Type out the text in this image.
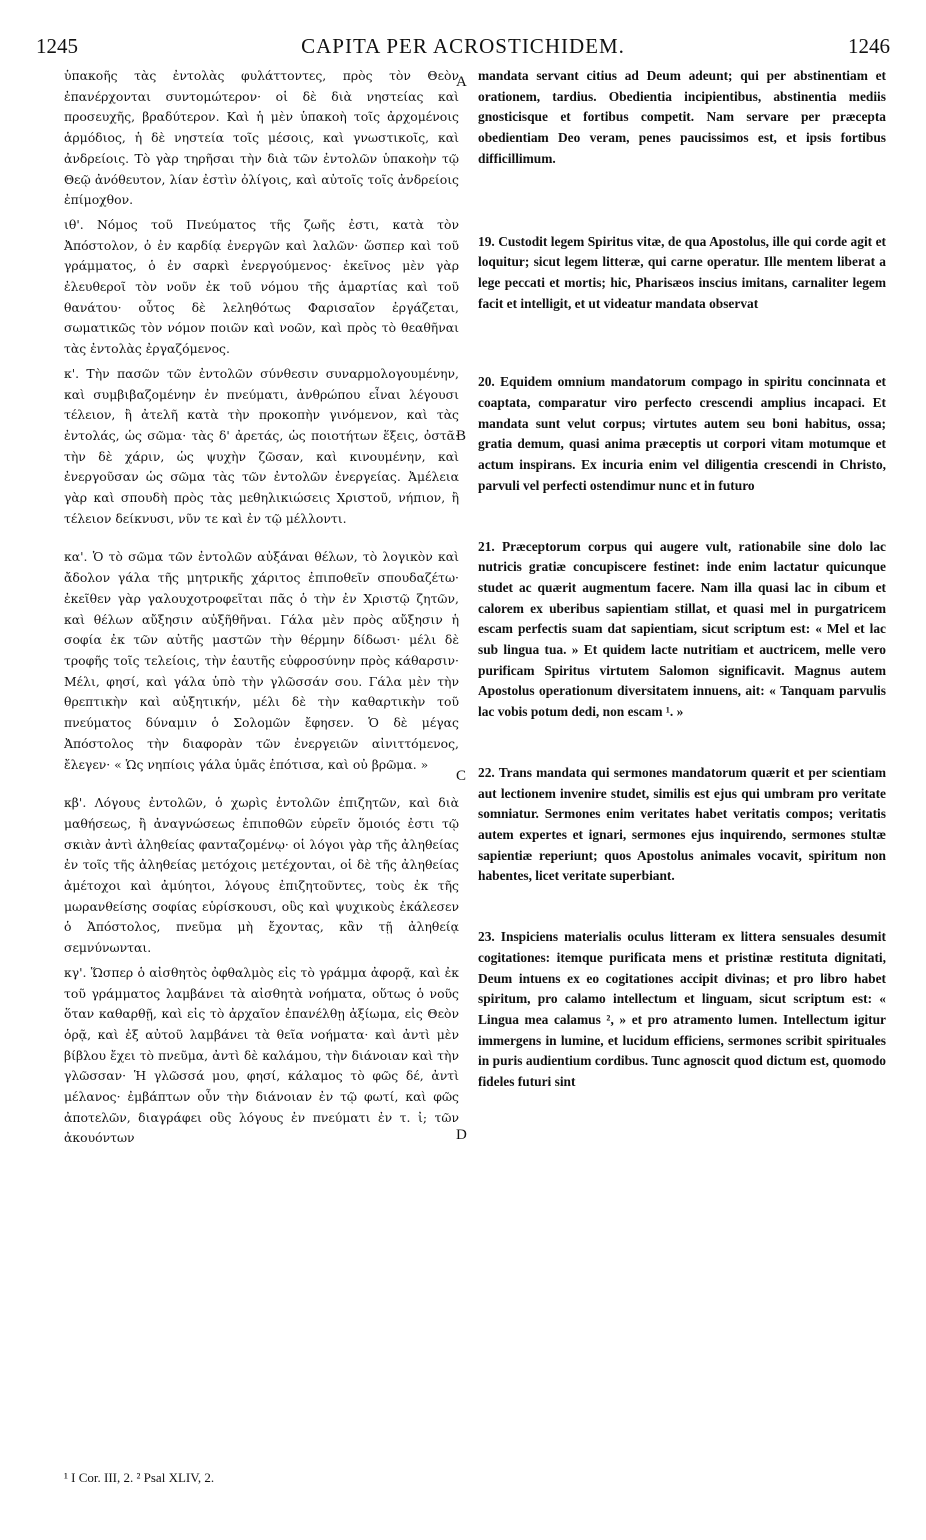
1245	CAPITA PER ACROSTICHIDEM.	1246
A
B
C
D

ὑπακοῆς τὰς ἐντολὰς φυλάττοντες, πρὸς τὸν Θεὸν ἐπανέρχονται συντομώτερον· οἱ δὲ διὰ νηστείας καὶ προσευχῆς, βραδύτερον. Καὶ ἡ μὲν ὑπακοὴ τοῖς ἀρχομένοις ἁρμόδιος, ἡ δὲ νηστεία τοῖς μέσοις, καὶ γνωστικοῖς, καὶ ἀνδρείοις. Τὸ γὰρ τηρῆσαι τὴν διὰ τῶν ἐντολῶν ὑπακοὴν τῷ Θεῷ ἀνόθευτον, λίαν ἐστὶν ὀλίγοις, καὶ αὐτοῖς τοῖς ἀνδρείοις ἐπίμοχθον.

ιθ'. Νόμος τοῦ Πνεύματος τῆς ζωῆς ἐστι, κατὰ τὸν Ἀπόστολον, ὁ ἐν καρδίᾳ ἐνεργῶν καὶ λαλῶν· ὥσπερ καὶ τοῦ γράμματος, ὁ ἐν σαρκὶ ἐνεργούμενος· ἐκεῖνος μὲν γὰρ ἐλευθεροῖ τὸν νοῦν ἐκ τοῦ νόμου τῆς ἁμαρτίας καὶ τοῦ θανάτου· οὗτος δὲ λεληθότως Φαρισαῖον ἐργάζεται, σωματικῶς τὸν νόμον ποιῶν καὶ νοῶν, καὶ πρὸς τὸ θεαθῆναι τὰς ἐντολὰς ἐργαζόμενος.

κ'. Τὴν πασῶν τῶν ἐντολῶν σύνθεσιν συναρμολογουμένην, καὶ συμβιβαζομένην ἐν πνεύματι, ἀνθρώπου εἶναι λέγουσι τέλειον, ἢ ἀτελῆ κατὰ τὴν προκοπὴν γινόμενον, καὶ τὰς ἐντολάς, ὡς σῶμα· τὰς δ' ἀρετάς, ὡς ποιοτήτων ἕξεις, ὀστᾶ· τὴν δὲ χάριν, ὡς ψυχὴν ζῶσαν, καὶ κινουμένην, καὶ ἐνεργοῦσαν ὡς σῶμα τὰς τῶν ἐντολῶν ἐνεργείας. Ἀμέλεια γὰρ καὶ σπουδὴ πρὸς τὰς μεθηλικιώσεις Χριστοῦ, νήπιον, ἢ τέλειον δείκνυσι, νῦν τε καὶ ἐν τῷ μέλλοντι.

κα'. Ὁ τὸ σῶμα τῶν ἐντολῶν αὐξάναι θέλων, τὸ λογικὸν καὶ ἄδολον γάλα τῆς μητρικῆς χάριτος ἐπιποθεῖν σπουδαζέτω· ἐκεῖθεν γὰρ γαλουχοτροφεῖται πᾶς ὁ τὴν ἐν Χριστῷ ζητῶν, καὶ θέλων αὔξησιν αὐξῆθῆναι. Γάλα μὲν πρὸς αὔξησιν ἡ σοφία ἐκ τῶν αὐτῆς μαστῶν τὴν θέρμην δίδωσι· μέλι δὲ τροφῆς τοῖς τελείοις, τὴν ἑαυτῆς εὐφροσύνην πρὸς κάθαρσιν· Μέλι, φησί, καὶ γάλα ὑπὸ τὴν γλῶσσάν σου. Γάλα μὲν τὴν θρεπτικὴν καὶ αὐξητικήν, μέλι δὲ τὴν καθαρτικὴν τοῦ πνεύματος δύναμιν ὁ Σολομῶν ἔφησεν. Ὁ δὲ μέγας Ἀπόστολος τὴν διαφορὰν τῶν ἐνεργειῶν αἰνιττόμενος, ἔλεγεν· « Ὡς νηπίοις γάλα ὑμᾶς ἐπότισα, καὶ οὐ βρῶμα. »

κβ'. Λόγους ἐντολῶν, ὁ χωρὶς ἐντολῶν ἐπιζητῶν, καὶ διὰ μαθήσεως, ἢ ἀναγνώσεως ἐπιποθῶν εὑρεῖν ὅμοιός ἐστι τῷ σκιὰν ἀντὶ ἀληθείας φανταζομένῳ· οἱ λόγοι γὰρ τῆς ἀληθείας ἐν τοῖς τῆς ἀληθείας μετόχοις μετέχονται, οἱ δὲ τῆς ἀληθείας ἀμέτοχοι καὶ ἀμύητοι, λόγους ἐπιζητοῦντες, τοὺς ἐκ τῆς μωρανθείσης σοφίας εὑρίσκουσι, οὓς καὶ ψυχικοὺς ἐκάλεσεν ὁ Ἀπόστολος, πνεῦμα μὴ ἔχοντας, κἂν τῇ ἀληθείᾳ σεμνύνωνται.

κγ'. Ὥσπερ ὁ αἰσθητὸς ὀφθαλμὸς εἰς τὸ γράμμα ἀφορᾷ, καὶ ἐκ τοῦ γράμματος λαμβάνει τὰ αἰσθητὰ νοήματα, οὕτως ὁ νοῦς ὅταν καθαρθῇ, καὶ εἰς τὸ ἀρχαῖον ἐπανέλθῃ ἀξίωμα, εἰς Θεὸν ὁρᾷ, καὶ ἐξ αὐτοῦ λαμβάνει τὰ θεῖα νοήματα· καὶ ἀντὶ μὲν βίβλου ἔχει τὸ πνεῦμα, ἀντὶ δὲ καλάμου, τὴν διάνοιαν καὶ τὴν γλῶσσαν· Ἡ γλῶσσά μου, φησί, κάλαμος τὸ φῶς δέ, ἀντὶ μέλανος· ἐμβάπτων οὖν τὴν διάνοιαν ἐν τῷ φωτί, καὶ φῶς ἀποτελῶν, διαγράφει οὓς λόγους ἐν πνεύματι ἐν τ. ἰ; τῶν ἀκουόντων

mandata servant citius ad Deum adeunt; qui per abstinentiam et orationem, tardius. Obedientia incipientibus, abstinentia mediis gnosticisque et fortibus competit. Nam servare per præcepta obedientiam Deo veram, penes paucissimos est, et ipsis fortibus difficillimum.

19. Custodit legem Spiritus vitæ, de qua Apostolus, ille qui corde agit et loquitur; sicut legem litteræ, qui carne operatur. Ille mentem liberat a lege peccati et mortis; hic, Pharisæos inscius imitans, carnaliter legem facit et intelligit, et ut videatur mandata observat

20. Equidem omnium mandatorum compago in spiritu concinnata et coaptata, comparatur viro perfecto crescendi amplius incapaci. Et mandata sunt velut corpus; virtutes autem seu boni habitus, ossa; gratia demum, quasi anima præceptis ut corpori vitam motumque et actum inspirans. Ex incuria enim vel diligentia crescendi in Christo, parvuli vel perfecti ostendimur nunc et in futuro

21. Præceptorum corpus qui augere vult, rationabile sine dolo lac nutricis gratiæ concupiscere festinet: inde enim lactatur quicunque studet ac quærit augmentum facere. Nam illa quasi lac in cibum et calorem ex uberibus sapientiam stillat, et quasi mel in purgatricem escam perfectis suam dat sapientiam, sicut scriptum est: « Mel et lac sub lingua tua. » Et quidem lacte nutritiam et auctricem, melle vero purificam Spiritus virtutem Salomon significavit. Magnus autem Apostolus operationum diversitatem innuens, ait: « Tanquam parvulis lac vobis potum dedi, non escam ¹. »

22. Trans mandata qui sermones mandatorum quærit et per scientiam aut lectionem invenire studet, similis est ejus qui umbram pro veritate somniatur. Sermones enim veritates habet veritatis compos; veritatis autem expertes et ignari, sermones ejus inquirendo, sermones stultæ sapientiæ reperiunt; quos Apostolus animales vocavit, spiritum non habentes, licet veritate superbiant.

23. Inspiciens materialis oculus litteram ex littera sensuales desumit cogitationes: itemque purificata mens et pristinæ restituta dignitati, Deum intuens ex eo cogitationes accipit divinas; et pro libro habet spiritum, pro calamo intellectum et linguam, sicut scriptum est: « Lingua mea calamus ², » et pro atramento lumen. Intellectum igitur immergens in lumine, et lucidum efficiens, sermones scribit spirituales in puris audientium cordibus. Tunc agnoscit quod dictum est, quomodo fideles futuri sint

¹ I Cor. III, 2. ² Psal XLIV, 2.
